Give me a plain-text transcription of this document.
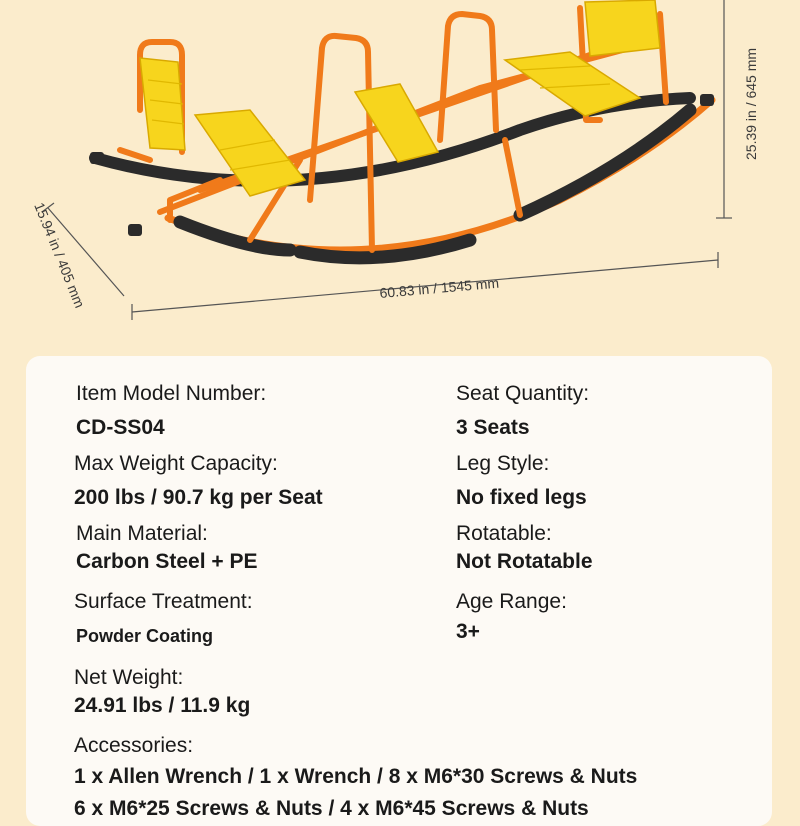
25.39 in / 645 mm
60.83 in / 1545 mm
15.94 in / 405 mm
Item Model Number:
CD-SS04
Seat Quantity:
3 Seats
Max Weight Capacity:
200 lbs / 90.7 kg per Seat
Leg Style:
No fixed legs
Main Material:
Carbon Steel + PE
Rotatable:
Not Rotatable
Surface Treatment:
Powder Coating
Age Range:
3+
Net Weight:
24.91 lbs / 11.9 kg
Accessories:
1 x Allen Wrench / 1 x Wrench / 8 x M6*30 Screws & Nuts
6 x M6*25 Screws & Nuts / 4 x M6*45 Screws & Nuts
